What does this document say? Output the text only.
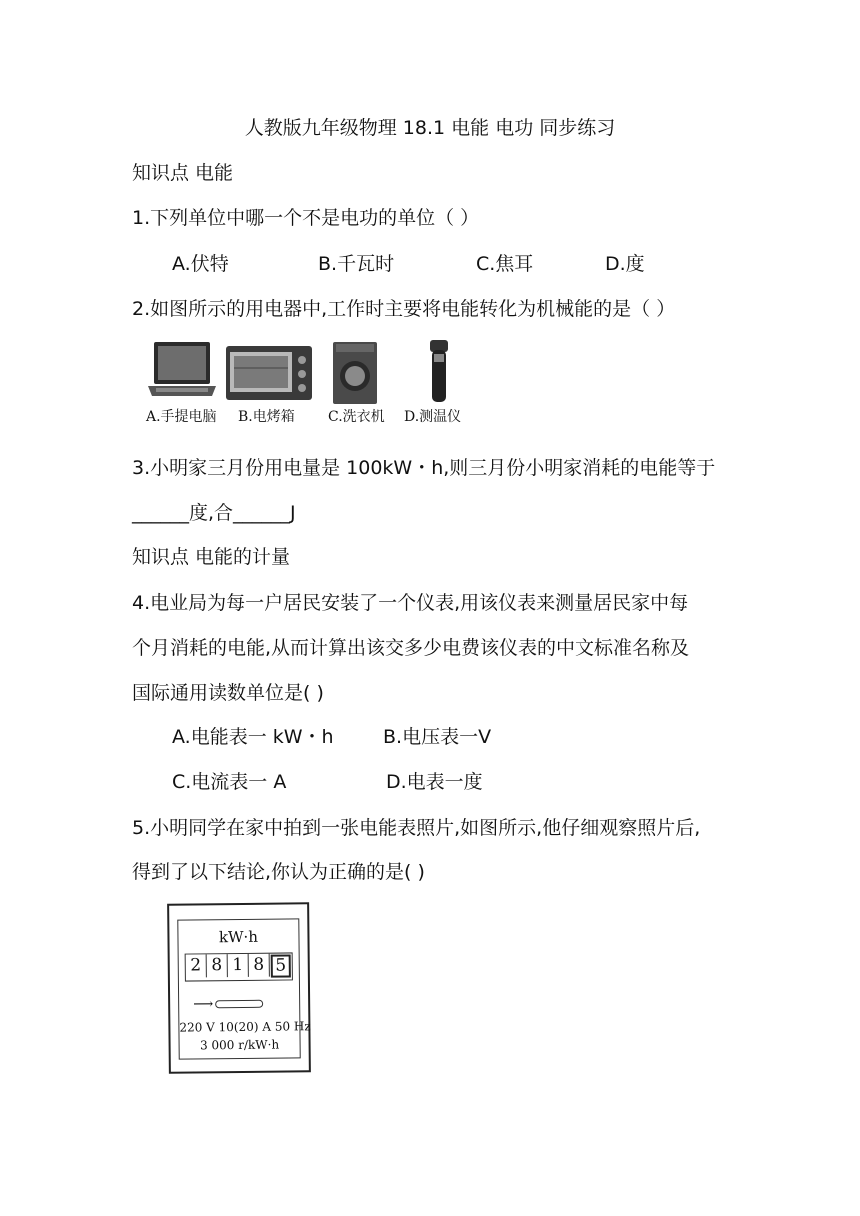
人教版九年级物理 18.1 电能 电功 同步练习
知识点 电能
1.下列单位中哪一个不是电功的单位（ ）
A.伏特	B.千瓦时	C.焦耳	D.度
2.如图所示的用电器中,工作时主要将电能转化为机械能的是（ ）
A.手提电脑 B.电烤箱 C.洗衣机 D.测温仪
3.小明家三月份用电量是 100kW・h,则三月份小明家消耗的电能等于
______度,合______J
知识点 电能的计量
4.电业局为每一户居民安装了一个仪表,用该仪表来测量居民家中每
个月消耗的电能,从而计算出该交多少电费该仪表的中文标准名称及
国际通用读数单位是( )
A.电能表一 kW・h	B.电压表一V
C.电流表一 A	D.电表一度
5.小明同学在家中拍到一张电能表照片,如图所示,他仔细观察照片后,
得到了以下结论,你认为正确的是( )
kW·h
2 8 1 8 5
⟶
220 V 10(20) A 50 Hz
3 000 r/kW·h
